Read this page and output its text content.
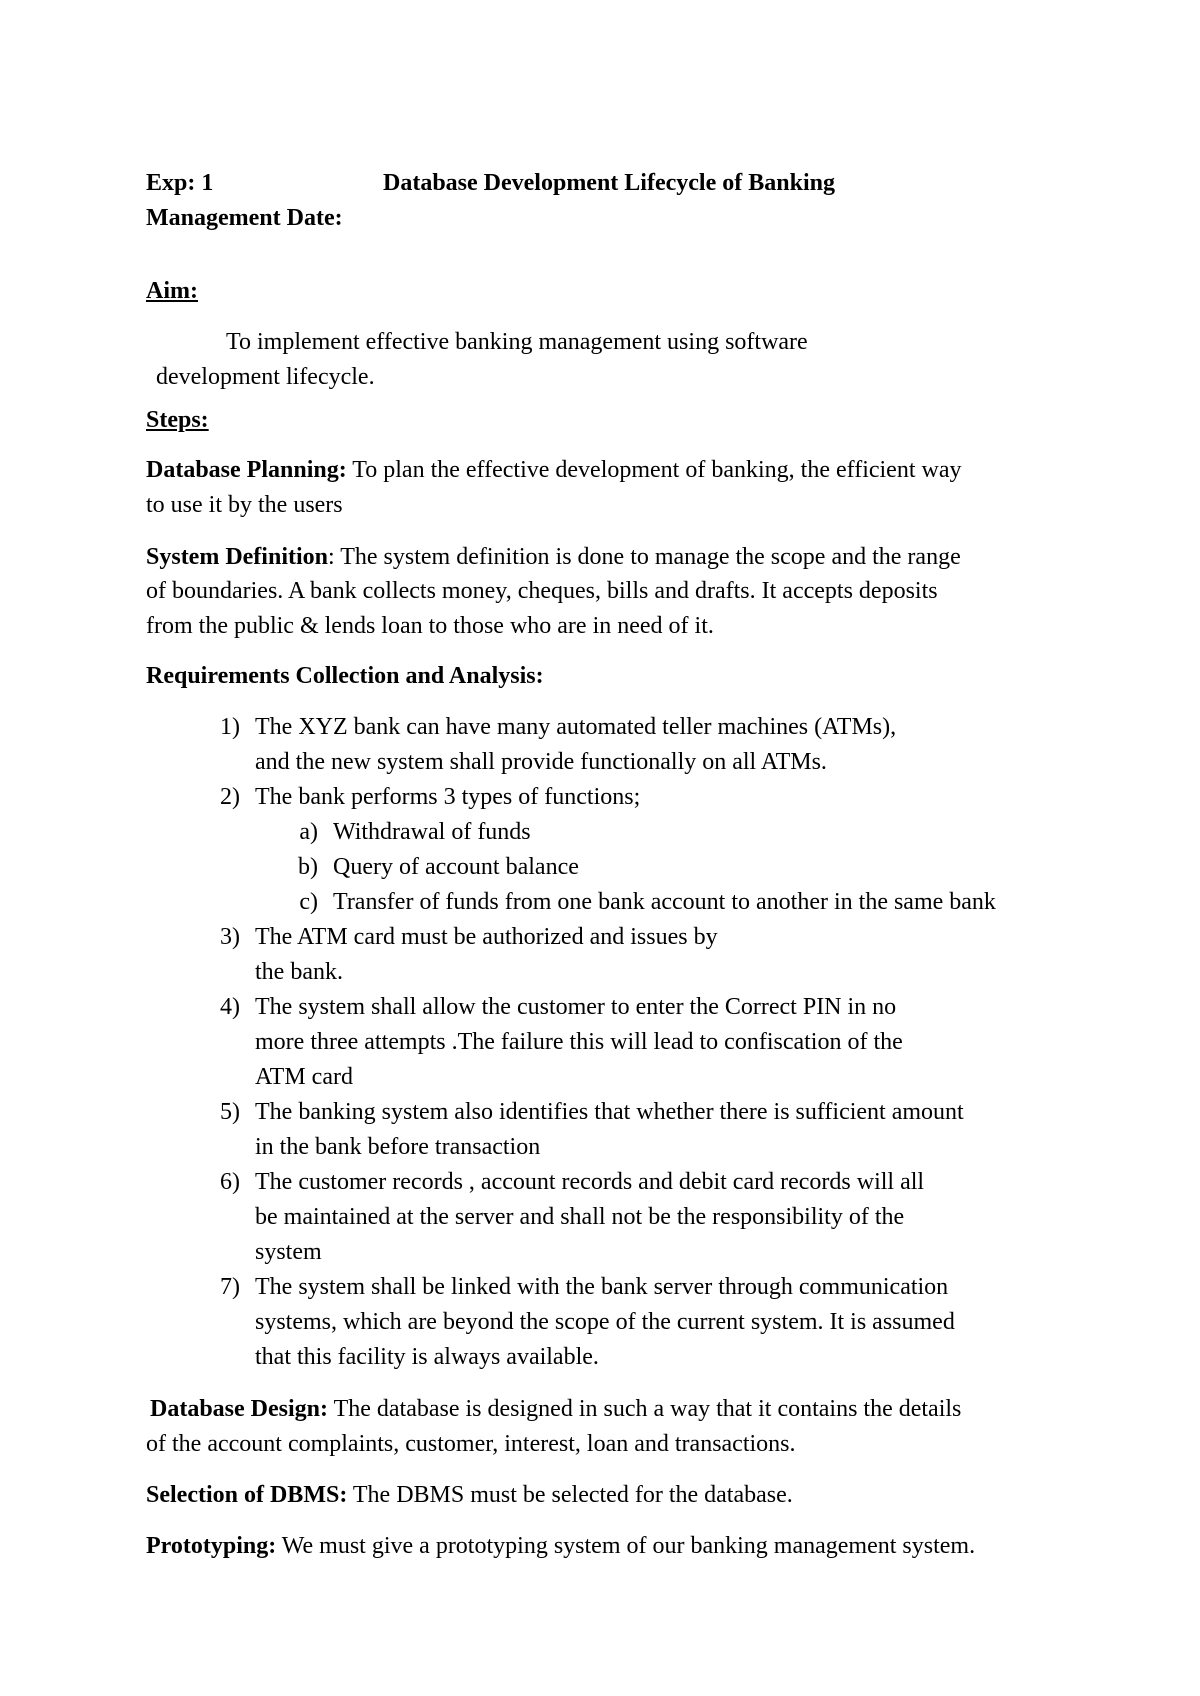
Exp: 1	Database Development Lifecycle of Banking
Management Date:
Aim:
To implement effective banking management using software
development lifecycle.
Steps:
Database Planning: To plan the effective development of banking, the efficient way
to use it by the users
System Definition: The system definition is done to manage the scope and the range
of boundaries. A bank collects money, cheques, bills and drafts. It accepts deposits
from the public & lends loan to those who are in need of it.
Requirements Collection and Analysis:
1) The XYZ bank can have many automated teller machines (ATMs),
and the new system shall provide functionally on all ATMs.
2) The bank performs 3 types of functions;
a) Withdrawal of funds
b) Query of account balance
c) Transfer of funds from one bank account to another in the same bank
3) The ATM card must be authorized and issues by
the bank.
4) The system shall allow the customer to enter the Correct PIN in no
more three attempts .The failure this will lead to confiscation of the
ATM card
5) The banking system also identifies that whether there is sufficient amount
in the bank before transaction
6) The customer records , account records and debit card records will all
be maintained at the server and shall not be the responsibility of the
system
7) The system shall be linked with the bank server through communication
systems, which are beyond the scope of the current system. It is assumed
that this facility is always available.
Database Design: The database is designed in such a way that it contains the details
of the account complaints, customer, interest, loan and transactions.
Selection of DBMS: The DBMS must be selected for the database.
Prototyping: We must give a prototyping system of our banking management system.
